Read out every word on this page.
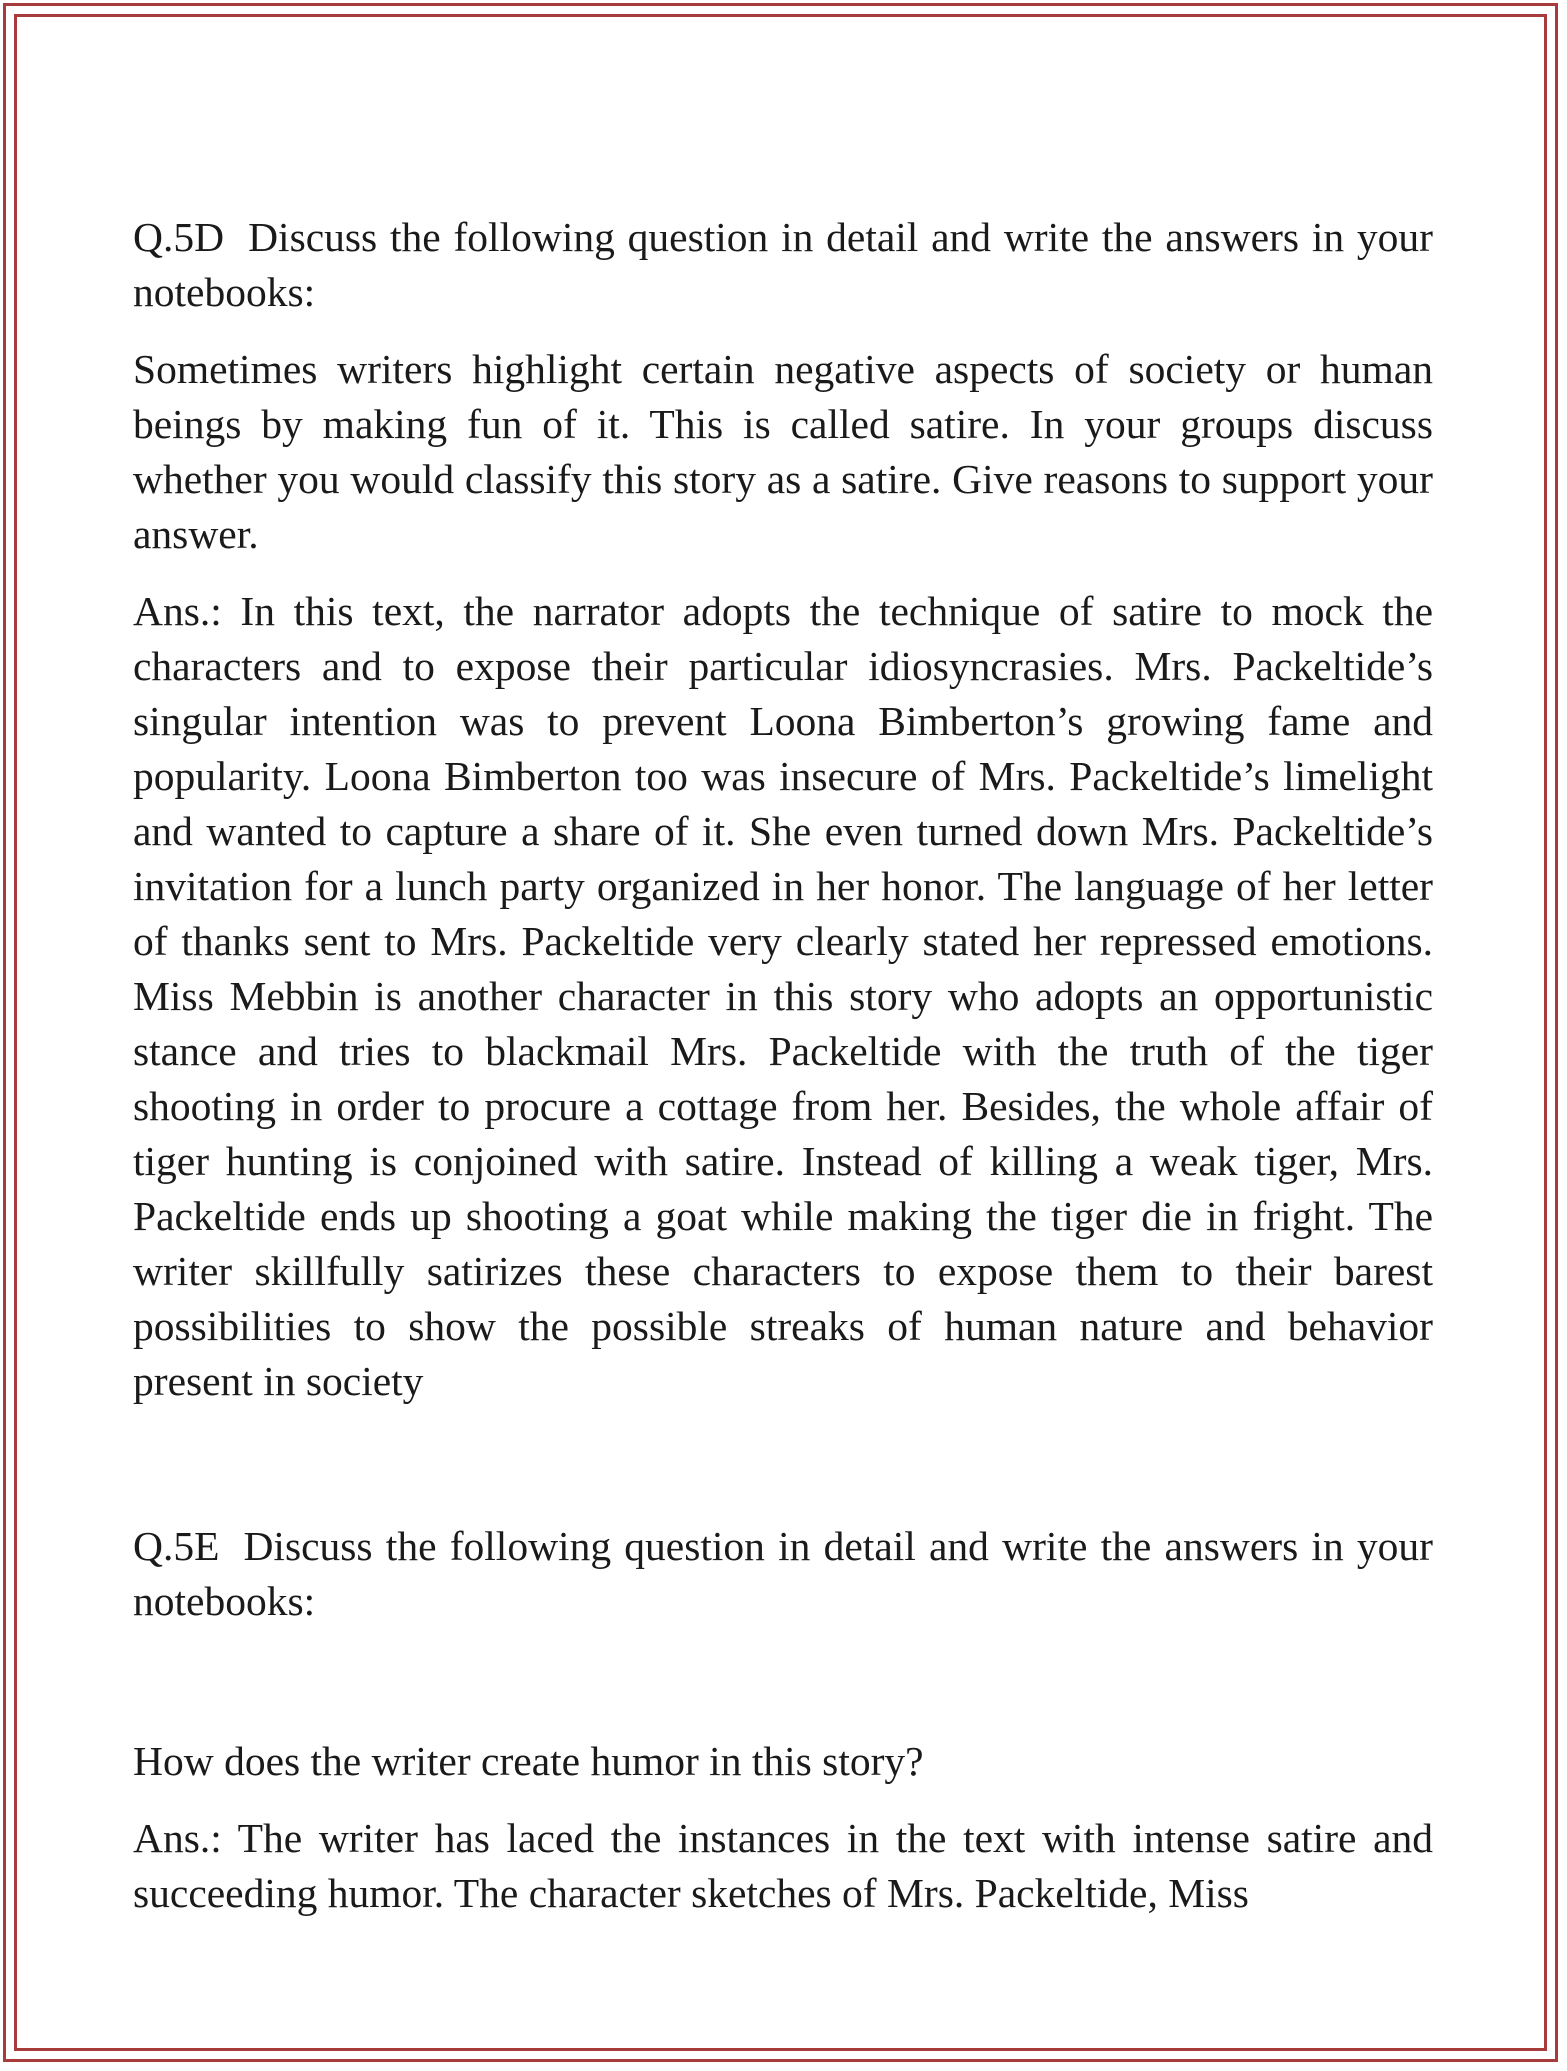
Q.5D Discuss the following question in detail and write the answers in your notebooks:

Sometimes writers highlight certain negative aspects of society or human beings by making fun of it. This is called satire. In your groups discuss whether you would classify this story as a satire. Give reasons to support your answer.

Ans.: In this text, the narrator adopts the technique of satire to mock the characters and to expose their particular idiosyncrasies. Mrs. Packeltide’s singular intention was to prevent Loona Bimberton’s growing fame and popularity. Loona Bimberton too was insecure of Mrs. Packeltide’s limelight and wanted to capture a share of it. She even turned down Mrs. Packeltide’s invitation for a lunch party organized in her honor. The language of her letter of thanks sent to Mrs. Packeltide very clearly stated her repressed emotions. Miss Mebbin is another character in this story who adopts an opportunistic stance and tries to blackmail Mrs. Packeltide with the truth of the tiger shooting in order to procure a cottage from her. Besides, the whole affair of tiger hunting is conjoined with satire. Instead of killing a weak tiger, Mrs. Packeltide ends up shooting a goat while making the tiger die in fright. The writer skillfully satirizes these characters to expose them to their barest possibilities to show the possible streaks of human nature and behavior present in society

Q.5E Discuss the following question in detail and write the answers in your notebooks:

How does the writer create humor in this story?

Ans.: The writer has laced the instances in the text with intense satire and succeeding humor. The character sketches of Mrs. Packeltide, Miss
